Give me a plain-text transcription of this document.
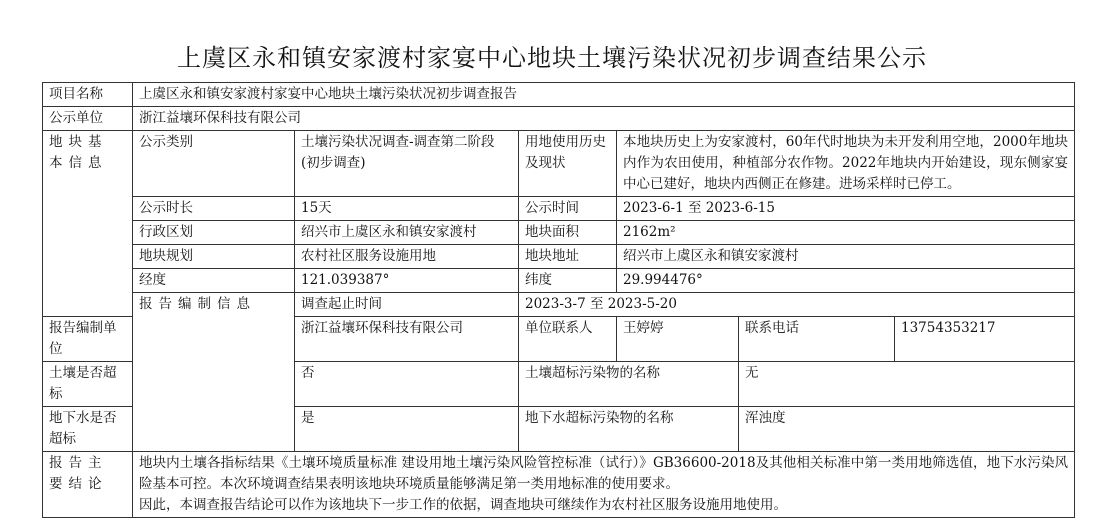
上虞区永和镇安家渡村家宴中心地块土壤污染状况初步调查结果公示
项目名称	上虞区永和镇安家渡村家宴中心地块土壤污染状况初步调查报告					
公示单位	浙江益壤环保科技有限公司					
地块基本信息	公示类别	土壤污染状况调查-调查第二阶段(初步调查)	用地使用历史及现状	本地块历史上为安家渡村，60年代时地块为未开发利用空地，2000年地块内作为农田使用，种植部分农作物。2022年地块内开始建设，现东侧家宴中心已建好，地块内西侧正在修建。进场采样时已停工。		
	公示时长	15天	公示时间	2023-6-1 至 2023-6-15		
	行政区划	绍兴市上虞区永和镇安家渡村	地块面积	2162m²		
	地块规划	农村社区服务设施用地	地块地址	绍兴市上虞区永和镇安家渡村		
	经度	121.039387°	纬度	29.994476°		
	报告编制信息	调查起止时间	2023-3-7 至 2023-5-20			
报告编制单位		浙江益壤环保科技有限公司	单位联系人	王婷婷	联系电话	13754353217
土壤是否超标		否	土壤超标污染物的名称		无	
地下水是否超标		是	地下水超标污染物的名称		浑浊度	
报告主要结论	地块内土壤各指标结果《土壤环境质量标准 建设用地土壤污染风险管控标准（试行）》GB36600-2018及其他相关标准中第一类用地筛选值，地下水污染风险基本可控。本次环境调查结果表明该地块环境质量能够满足第一类用地标准的使用要求。
因此，本调查报告结论可以作为该地块下一步工作的依据，调查地块可继续作为农村社区服务设施用地使用。					
